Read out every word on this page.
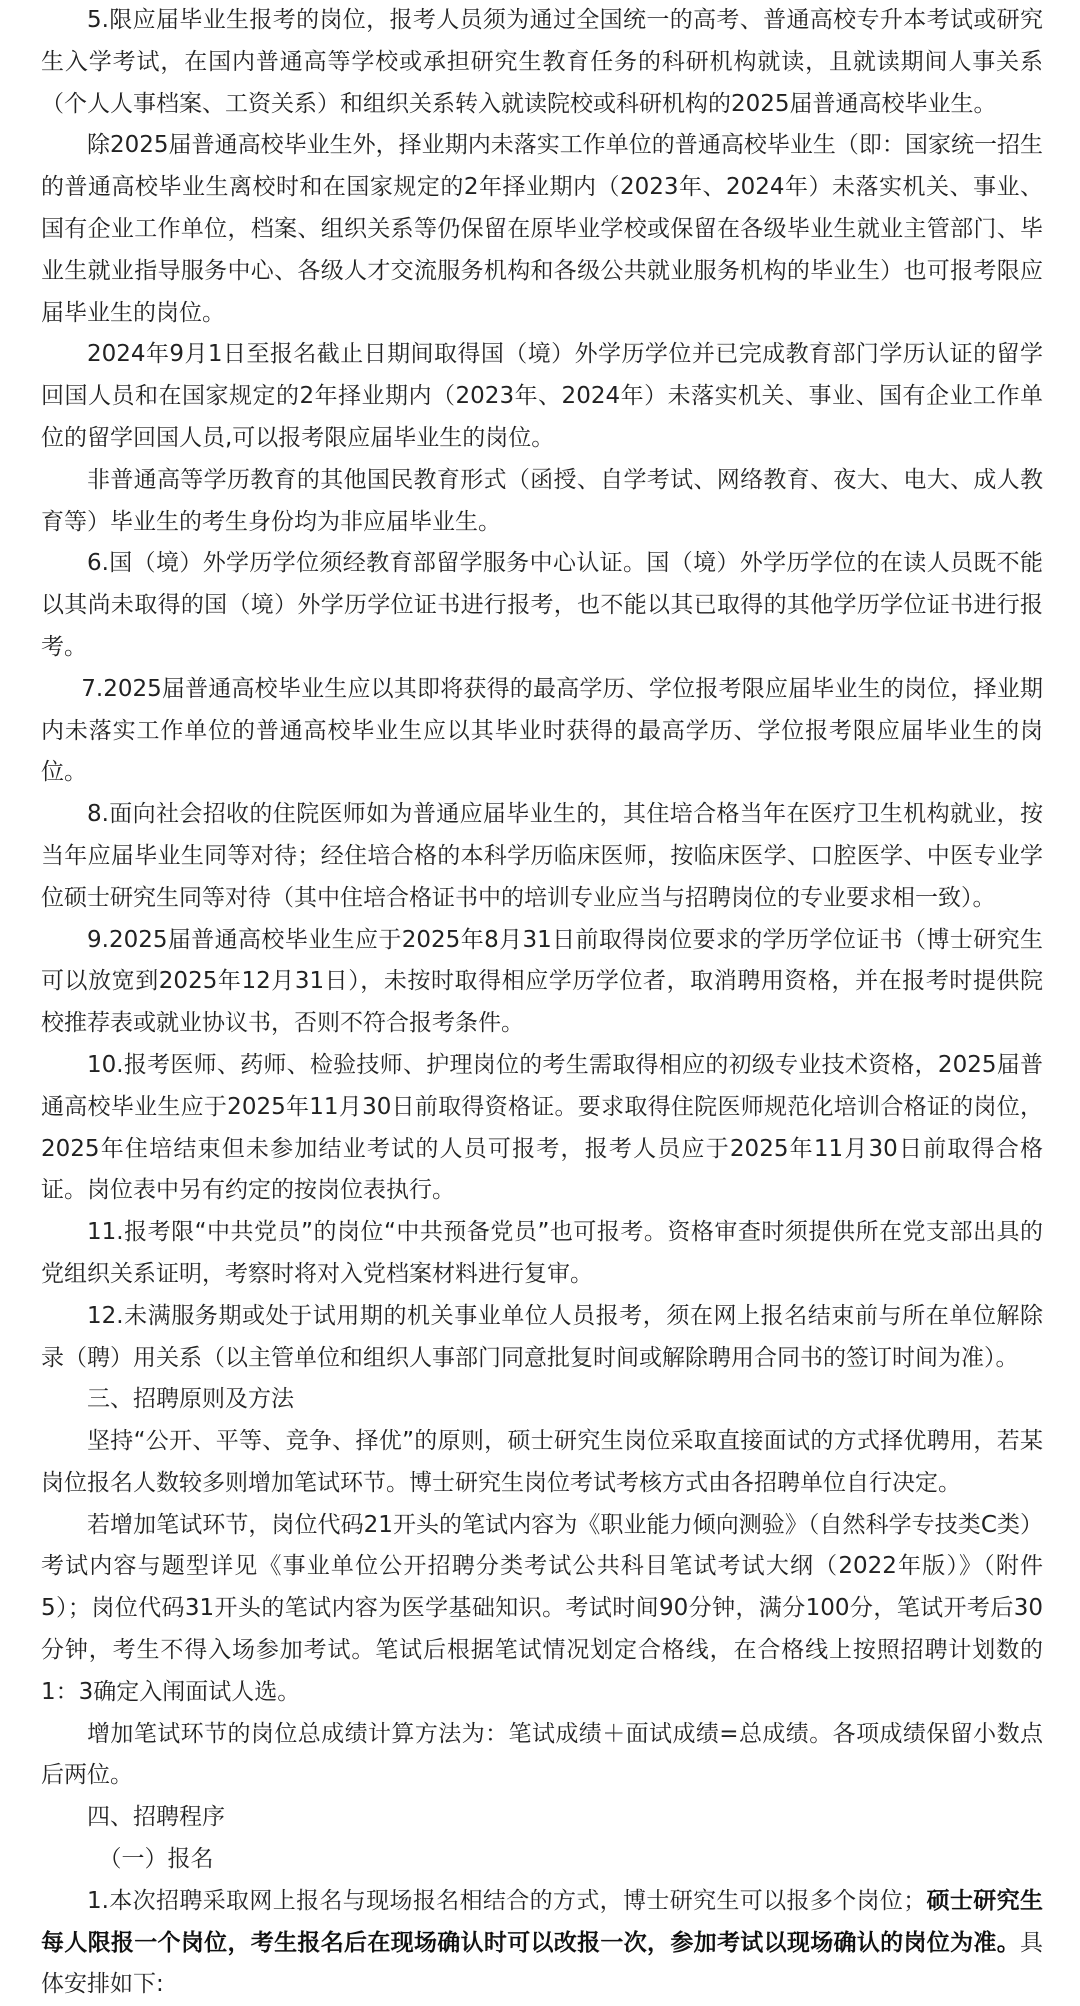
5.限应届毕业生报考的岗位，报考人员须为通过全国统一的高考、普通高校专升本考试或研究生入学考试，在国内普通高等学校或承担研究生教育任务的科研机构就读，且就读期间人事关系（个人人事档案、工资关系）和组织关系转入就读院校或科研机构的2025届普通高校毕业生。

除2025届普通高校毕业生外，择业期内未落实工作单位的普通高校毕业生（即：国家统一招生的普通高校毕业生离校时和在国家规定的2年择业期内（2023年、2024年）未落实机关、事业、国有企业工作单位，档案、组织关系等仍保留在原毕业学校或保留在各级毕业生就业主管部门、毕业生就业指导服务中心、各级人才交流服务机构和各级公共就业服务机构的毕业生）也可报考限应届毕业生的岗位。

2024年9月1日至报名截止日期间取得国（境）外学历学位并已完成教育部门学历认证的留学回国人员和在国家规定的2年择业期内（2023年、2024年）未落实机关、事业、国有企业工作单位的留学回国人员,可以报考限应届毕业生的岗位。

非普通高等学历教育的其他国民教育形式（函授、自学考试、网络教育、夜大、电大、成人教育等）毕业生的考生身份均为非应届毕业生。

6.国（境）外学历学位须经教育部留学服务中心认证。国（境）外学历学位的在读人员既不能以其尚未取得的国（境）外学历学位证书进行报考，也不能以其已取得的其他学历学位证书进行报考。

7.2025届普通高校毕业生应以其即将获得的最高学历、学位报考限应届毕业生的岗位，择业期内未落实工作单位的普通高校毕业生应以其毕业时获得的最高学历、学位报考限应届毕业生的岗位。

8.面向社会招收的住院医师如为普通应届毕业生的，其住培合格当年在医疗卫生机构就业，按当年应届毕业生同等对待；经住培合格的本科学历临床医师，按临床医学、口腔医学、中医专业学位硕士研究生同等对待（其中住培合格证书中的培训专业应当与招聘岗位的专业要求相一致）。

9.2025届普通高校毕业生应于2025年8月31日前取得岗位要求的学历学位证书（博士研究生可以放宽到2025年12月31日），未按时取得相应学历学位者，取消聘用资格，并在报考时提供院校推荐表或就业协议书，否则不符合报考条件。

10.报考医师、药师、检验技师、护理岗位的考生需取得相应的初级专业技术资格，2025届普通高校毕业生应于2025年11月30日前取得资格证。要求取得住院医师规范化培训合格证的岗位，2025年住培结束但未参加结业考试的人员可报考，报考人员应于2025年11月30日前取得合格证。岗位表中另有约定的按岗位表执行。

11.报考限“中共党员”的岗位“中共预备党员”也可报考。资格审查时须提供所在党支部出具的党组织关系证明，考察时将对入党档案材料进行复审。

12.未满服务期或处于试用期的机关事业单位人员报考，须在网上报名结束前与所在单位解除录（聘）用关系（以主管单位和组织人事部门同意批复时间或解除聘用合同书的签订时间为准）。

三、招聘原则及方法

坚持“公开、平等、竞争、择优”的原则，硕士研究生岗位采取直接面试的方式择优聘用，若某岗位报名人数较多则增加笔试环节。博士研究生岗位考试考核方式由各招聘单位自行决定。

若增加笔试环节，岗位代码21开头的笔试内容为《职业能力倾向测验》（自然科学专技类C类）考试内容与题型详见《事业单位公开招聘分类考试公共科目笔试考试大纲（2022年版）》（附件5）；岗位代码31开头的笔试内容为医学基础知识。考试时间90分钟，满分100分，笔试开考后30分钟，考生不得入场参加考试。笔试后根据笔试情况划定合格线，在合格线上按照招聘计划数的1：3确定入闱面试人选。

增加笔试环节的岗位总成绩计算方法为：笔试成绩＋面试成绩=总成绩。各项成绩保留小数点后两位。

四、招聘程序

（一）报名

1.本次招聘采取网上报名与现场报名相结合的方式，博士研究生可以报多个岗位；硕士研究生每人限报一个岗位，考生报名后在现场确认时可以改报一次，参加考试以现场确认的岗位为准。具体安排如下:
